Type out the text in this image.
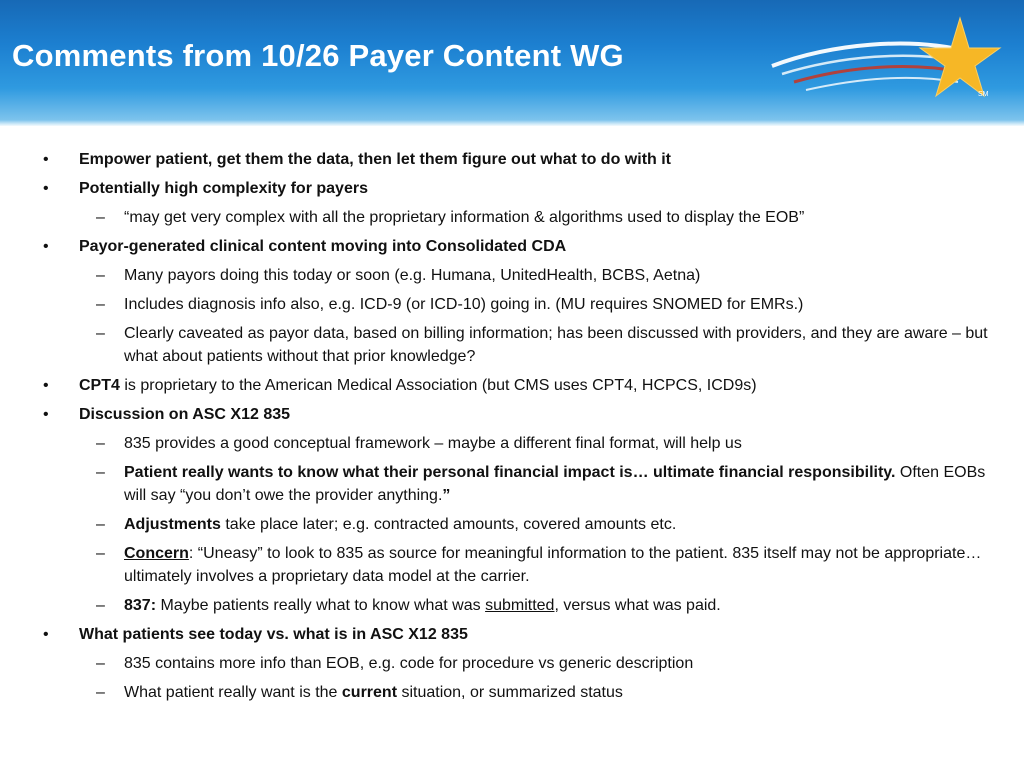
Comments from 10/26 Payer Content WG
SM
• Empower patient, get them the data, then let them figure out what to do with it
• Potentially high complexity for payers
– “may get very complex with all the proprietary information & algorithms used to display the EOB”
• Payor-generated clinical content moving into Consolidated CDA
– Many payors doing this today or soon (e.g. Humana, UnitedHealth, BCBS, Aetna)
– Includes diagnosis info also, e.g. ICD-9 (or ICD-10) going in. (MU requires SNOMED for EMRs.)
– Clearly caveated as payor data, based on billing information; has been discussed with providers, and they are aware – but what about patients without that prior knowledge?
• CPT4 is proprietary to the American Medical Association (but CMS uses CPT4, HCPCS, ICD9s)
• Discussion on ASC X12 835
– 835 provides a good conceptual framework – maybe a different final format, will help us
– Patient really wants to know what their personal financial impact is… ultimate financial responsibility. Often EOBs will say “you don’t owe the provider anything.”
– Adjustments take place later; e.g. contracted amounts, covered amounts etc.
– Concern: “Uneasy” to look to 835 as source for meaningful information to the patient. 835 itself may not be appropriate… ultimately involves a proprietary data model at the carrier.
– 837: Maybe patients really what to know what was submitted, versus what was paid.
• What patients see today vs. what is in ASC X12 835
– 835 contains more info than EOB, e.g. code for procedure vs generic description
– What patient really want is the current situation, or summarized status
